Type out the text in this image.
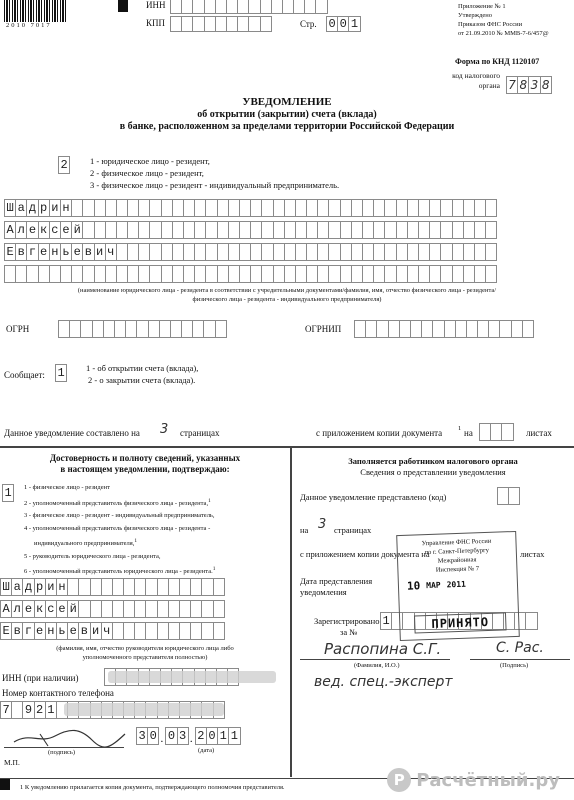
2010 7017
ИНН
КПП	Стр. 0 0 1
Приложение № 1
Утверждено
Приказом ФНС России
от 21.09.2010 № ММВ-7-6/457@
Форма по КНД 1120107
код налогового
органа 7 8 3 8
УВЕДОМЛЕНИЕ
об открытии (закрытии) счета (вклада)
в банке, расположенном за пределами территории Российской Федерации
2	1 - юридическое лицо - резидент,
2 - физическое лицо - резидент,
3 - физическое лицо - резидент - индивидуальный предприниматель.
Ш а д р и н
А л е к с е й
Е в г е н ь е в и ч
(наименование юридического лица - резидента в соответствии с учредительными документами/фамилия, имя, отчество физического лица - резидента/
физического лица - резидента - индивидуального предпринимателя)
ОГРН	ОГРНИП
Сообщает: 1	1 - об открытии счета (вклада),
2 - о закрытии счета (вклада).
Данное уведомление составлено на 3 страницах	с приложением копии документа 1 на	листах
Достоверность и полноту сведений, указанных
в настоящем уведомлении, подтверждаю:
1	1 - физическое лицо - резидент
2 - уполномоченный представитель физического лица - резидента,$^1$
3 - физическое лицо - резидент - индивидуальный предприниматель,
4 - уполномоченный представитель физического лица - резидента -
индивидуального предпринимателя,$^1$
5 - руководитель юридического лица - резидента,
6 - уполномоченный представитель юридического лица - резидента.$^1$
Ш а д р и н
А л е к с е й
Е в г е н ь е в и ч
(фамилия, имя, отчество руководителя юридического лица либо
уполномоченного представителя полностью)
ИНН (при наличии)
Номер контактного телефона
7 9 2 1
(подпись)
3 0 . 0 3 . 2 0 1 1
(дата)
М.П.
Заполняется работником налогового органа
Сведения о представлении уведомления
Данное уведомление представлено (код)
на 3 страницах
с приложением копии документа на	листах
Дата представления
уведомления
Зарегистрировано
за №
1
Управление ФНС России
по г. Санкт-Петербургу
Межрайонная
Инспекция № 7
10 МАР 2011
ПРИНЯТО
Распопина С.Г.	С. Рас.
(Фамилия, И.О.)	(Подпись)
вед. спец.-эксперт
1 К уведомлению прилагается копия документа, подтверждающего полномочия представителя.	Р Расчётный.ру
